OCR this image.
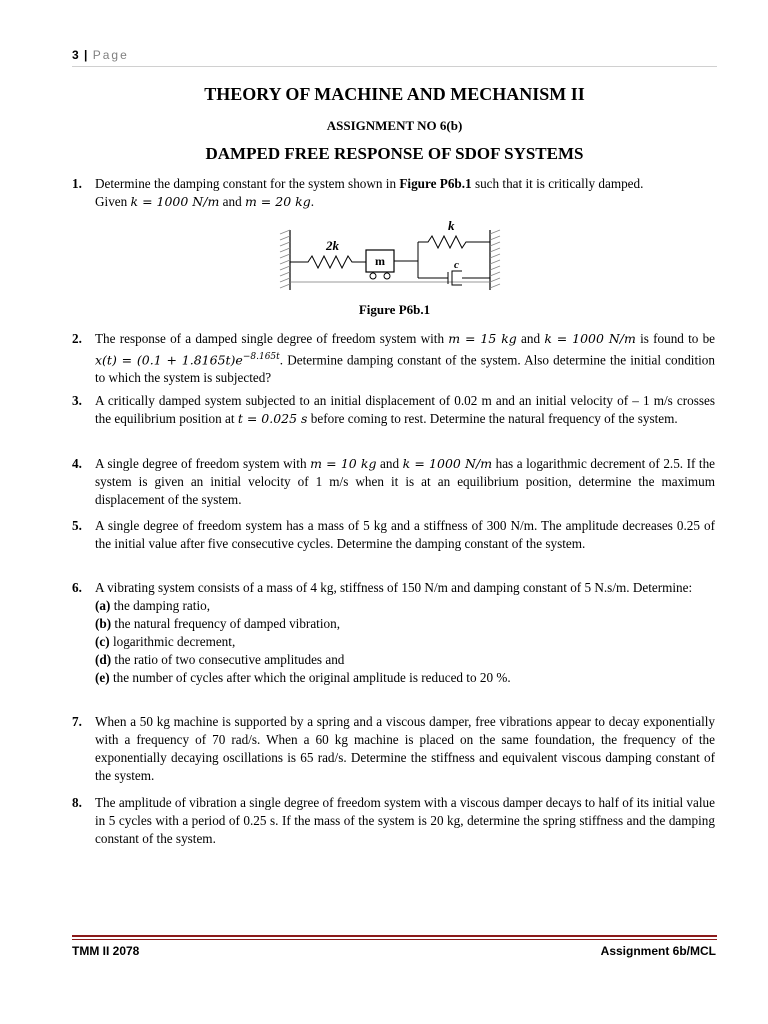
3 | Page
THEORY OF MACHINE AND MECHANISM II
ASSIGNMENT NO 6(b)
DAMPED FREE RESPONSE OF SDOF SYSTEMS
1. Determine the damping constant for the system shown in Figure P6b.1 such that it is critically damped.
Given k = 1000 N/m and m = 20 kg.
2k
m
k
c
Figure P6b.1
2. The response of a damped single degree of freedom system with m = 15 kg and k = 1000 N/m is found to be $x(t) = (0.1 + 1.8165t)e^{-8.165t}$. Determine damping constant of the system. Also determine the initial condition to which the system is subjected?
3. A critically damped system subjected to an initial displacement of 0.02 m and an initial velocity of – 1 m/s crosses the equilibrium position at t = 0.025 s before coming to rest. Determine the natural frequency of the system.
4. A single degree of freedom system with m = 10 kg and k = 1000 N/m has a logarithmic decrement of 2.5. If the system is given an initial velocity of 1 m/s when it is at an equilibrium position, determine the maximum displacement of the system.
5. A single degree of freedom system has a mass of 5 kg and a stiffness of 300 N/m. The amplitude decreases 0.25 of the initial value after five consecutive cycles. Determine the damping constant of the system.
6. A vibrating system consists of a mass of 4 kg, stiffness of 150 N/m and damping constant of 5 N.s/m. Determine:
(a) the damping ratio,
(b) the natural frequency of damped vibration,
(c) logarithmic decrement,
(d) the ratio of two consecutive amplitudes and
(e) the number of cycles after which the original amplitude is reduced to 20 %.
7. When a 50 kg machine is supported by a spring and a viscous damper, free vibrations appear to decay exponentially with a frequency of 70 rad/s. When a 60 kg machine is placed on the same foundation, the frequency of the exponentially decaying oscillations is 65 rad/s. Determine the stiffness and equivalent viscous damping constant of the system.
8. The amplitude of vibration a single degree of freedom system with a viscous damper decays to half of its initial value in 5 cycles with a period of 0.25 s. If the mass of the system is 20 kg, determine the spring stiffness and the damping constant of the system.
TMM II 2078	Assignment 6b/MCL
